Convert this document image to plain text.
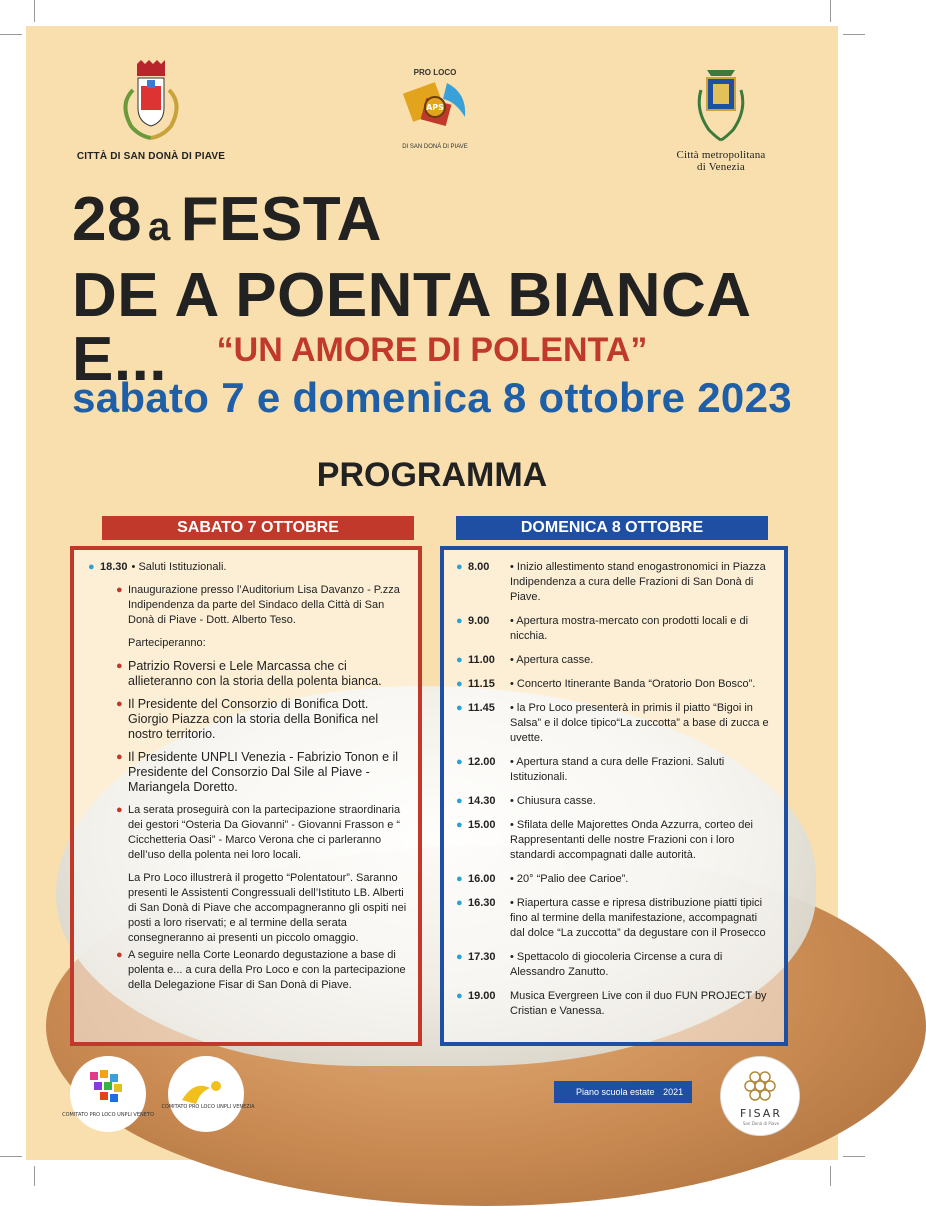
CITTÀ DI SAN DONÀ DI PIAVE
PRO LOCO
APS
DI SAN DONÀ DI PIAVE
Città metropolitana
di Venezia
28 a FESTA
DE A POENTA BIANCA E...	“UN AMORE DI POLENTA”
sabato 7 e domenica 8 ottobre 2023
PROGRAMMA
SABATO 7 OTTOBRE	DOMENICA 8 OTTOBRE
● 18.30 • Saluti Istituzionali.
● Inaugurazione presso l’Auditorium Lisa Davanzo - P.zza Indipendenza da parte del Sindaco della Città di San Donà di Piave - Dott. Alberto Teso.
Parteciperanno:
● Patrizio Roversi e Lele Marcassa che ci allieteranno con la storia della polenta bianca.
● Il Presidente del Consorzio di Bonifica Dott. Giorgio Piazza con la storia della Bonifica nel nostro territorio.
● Il Presidente UNPLI Venezia - Fabrizio Tonon e il Presidente del Consorzio Dal Sile al Piave - Mariangela Doretto.
● La serata proseguirà con la partecipazione straordinaria dei gestori “Osteria Da Giovanni” - Giovanni Frasson e “ Cicchetteria Oasi” - Marco Verona che ci parleranno dell’uso della polenta nei loro locali.
La Pro Loco illustrerà il progetto “Polentatour”. Saranno presenti le Assistenti Congressuali dell’Istituto LB. Alberti di San Donà di Piave che accompagneranno gli ospiti nei posti a loro riservati; e al termine della serata consegneranno ai presenti un piccolo omaggio.
● A seguire nella Corte Leonardo degustazione a base di polenta e... a cura della Pro Loco e con la partecipazione della Delegazione Fisar di San Donà di Piave.
● 8.00 • Inizio allestimento stand enogastronomici in Piazza Indipendenza a cura delle Frazioni di San Donà di Piave.
● 9.00 • Apertura mostra-mercato con prodotti locali e di nicchia.
● 11.00 • Apertura casse.
● 11.15 • Concerto Itinerante Banda “Oratorio Don Bosco”.
● 11.45 • la Pro Loco presenterà in primis il piatto “Bigoi in Salsa” e il dolce tipico“La zuccotta” a base di zucca e uvette.
● 12.00 • Apertura stand a cura delle Frazioni. Saluti Istituzionali.
● 14.30 • Chiusura casse.
● 15.00 • Sfilata delle Majorettes Onda Azzurra, corteo dei Rappresentanti delle nostre Frazioni con i loro standardi accompagnati dalle autorità.
● 16.00 • 20° “Palio dee Carioe”.
● 16.30 • Riapertura casse e ripresa distribuzione piatti tipici fino al termine della manifestazione, accompagnati dal dolce “La zuccotta” da degustare con il Prosecco
● 17.30 • Spettacolo di giocoleria Circense a cura di Alessandro Zanutto.
● 19.00 Musica Evergreen Live con il duo FUN PROJECT by Cristian e Vanessa.
COMITATO PRO LOCO UNPLI VENETO
COMITATO PRO LOCO UNPLI VENEZIA
Piano scuola estate 2021
FISAR
San Donà di Piave
